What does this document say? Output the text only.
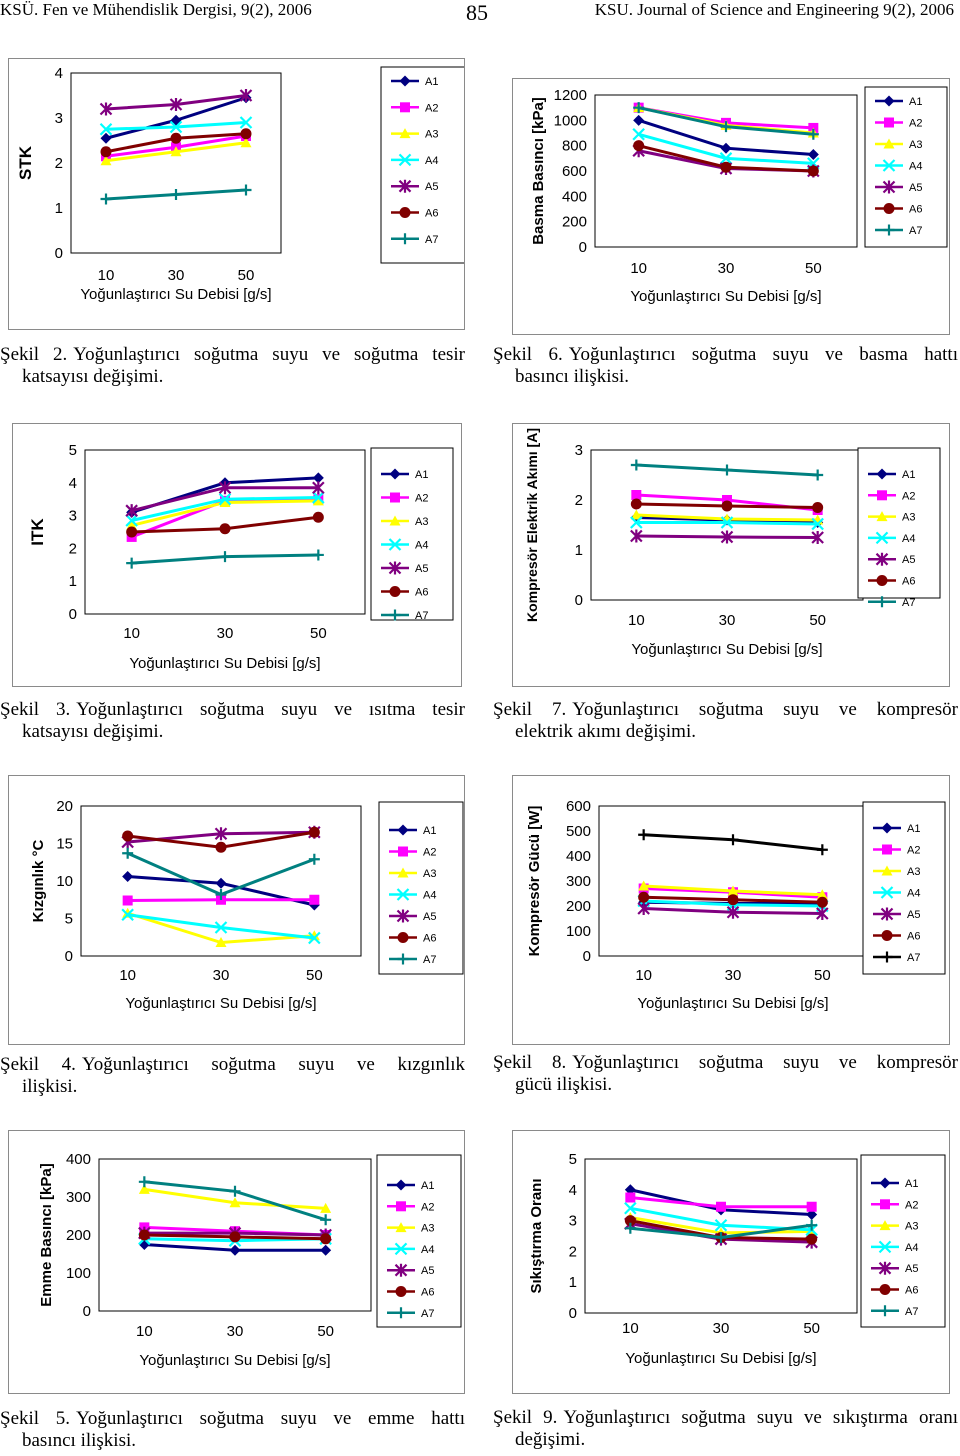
KSÜ. Fen ve Mühendislik Dergisi, 9(2), 2006	85	KSU. Journal of Science and Engineering 9(2), 2006
0
1
2
3
4
10	30	50
Yoğunlaştırıcı Su Debisi [g/s]
STK
A1
A2
A3
A4
A5
A6
A7	0
200
400
600
800
1000
1200
10	30	50
Yoğunlaştırıcı Su Debisi [g/s]
Basma Basıncı [kPa]	A1
A2
A3
A4
A5
A6
A7
0
1
2
3
4
5
10	30	50
Yoğunlaştırıcı Su Debisi [g/s]
ITK
A1
A2
A3
A4
A5
A6
A7
0
1
2
3
10	30	50
Yoğunlaştırıcı Su Debisi [g/s]
Kompresör Elektrik Akımı [A]	A1
A2
A3
A4
A5
A6
A7
0
5
10
15
20
10	30	50
Yoğunlaştırıcı Su Debisi [g/s]
Kızgınlık °C
A1
A2
A3
A4
A5
A6
A7	0
100
200
300
400
500
600
10	30	50
Yoğunlaştırıcı Su Debisi [g/s]
Kompresör Gücü [W]	A1
A2
A3
A4
A5
A6
A7
0
100
200
300
400
10	30	50
Yoğunlaştırıcı Su Debisi [g/s]
Emme Basıncı [kPa]	A1
A2
A3
A4
A5
A6
A7	0
1
2
3
4
5
10	30	50
Yoğunlaştırıcı Su Debisi [g/s]
Sıkıştırma Oranı	A1
A2
A3
A4
A5
A6
A7
Şekil 2. Yoğunlaştırıcı soğutma suyu ve soğutma tesir
katsayısı değişimi.
Şekil 6. Yoğunlaştırıcı soğutma suyu ve basma hattı
basıncı ilişkisi.
Şekil 3. Yoğunlaştırıcı soğutma suyu ve ısıtma tesir
katsayısı değişimi.
Şekil 7. Yoğunlaştırıcı soğutma suyu ve kompresör
elektrik akımı değişimi.
Şekil 4. Yoğunlaştırıcı soğutma suyu ve kızgınlık
ilişkisi.
Şekil 8. Yoğunlaştırıcı soğutma suyu ve kompresör
gücü ilişkisi.
Şekil 5. Yoğunlaştırıcı soğutma suyu ve emme hattı
basıncı ilişkisi.
Şekil 9. Yoğunlaştırıcı soğutma suyu ve sıkıştırma oranı
değişimi.
